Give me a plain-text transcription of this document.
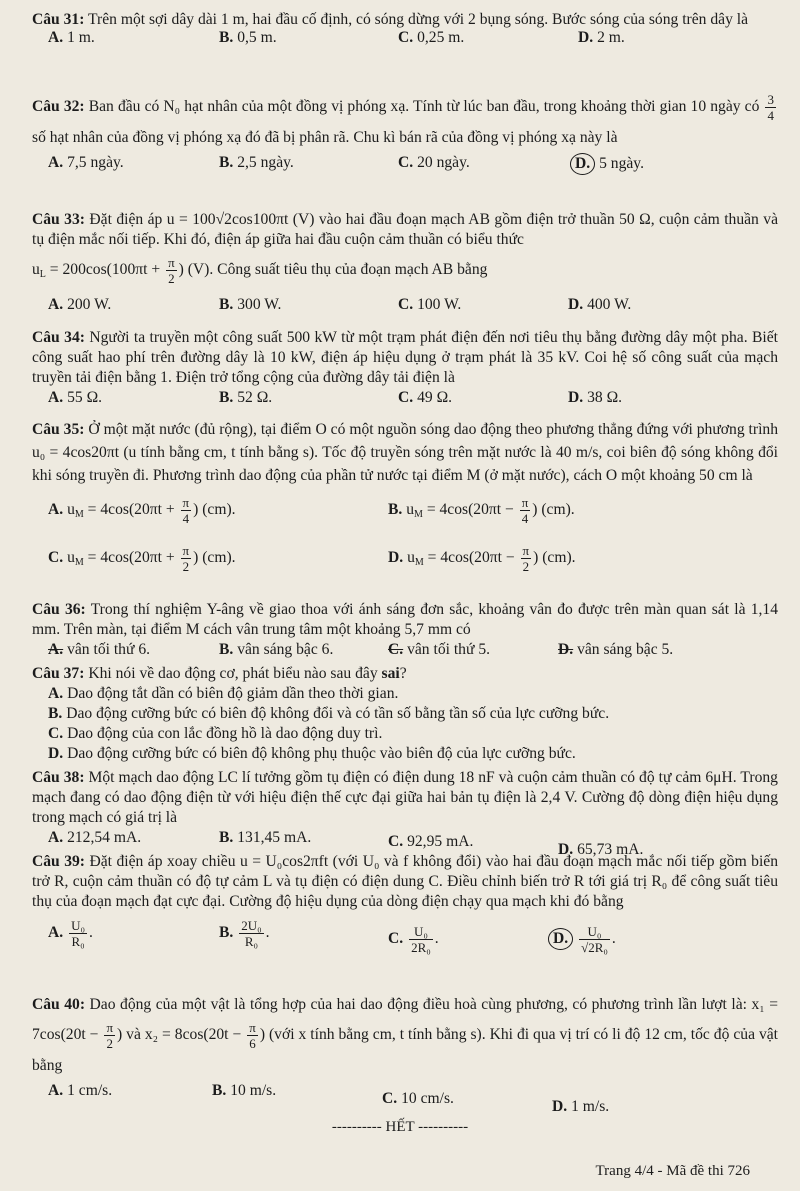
Câu 31: Trên một sợi dây dài 1 m, hai đầu cố định, có sóng dừng với 2 bụng sóng. Bước sóng của sóng trên dây là

A. 1 m.	B. 0,5 m.	C. 0,25 m.	D. 2 m.

Câu 32: Ban đầu có N₀ hạt nhân của một đồng vị phóng xạ. Tính từ lúc ban đầu, trong khoảng thời gian 10 ngày có $\frac{3}{4}$
số hạt nhân của đồng vị phóng xạ đó đã bị phân rã. Chu kì bán rã của đồng vị phóng xạ này là

A. 7,5 ngày.	B. 2,5 ngày.	C. 20 ngày.	D. 5 ngày.

Câu 33: Đặt điện áp u = 100√2cos100πt (V) vào hai đầu đoạn mạch AB gồm điện trở thuần 50 Ω, cuộn cảm thuần và tụ điện mắc nối tiếp. Khi đó, điện áp giữa hai đầu cuộn cảm thuần có biểu thức

$u_L = 200\cos(100\pi t + \frac{\pi}{2}$ ) (V). Công suất tiêu thụ của đoạn mạch AB bằng

A. 200 W.	B. 300 W.	C. 100 W.	D. 400 W.

Câu 34: Người ta truyền một công suất 500 kW từ một trạm phát điện đến nơi tiêu thụ bằng đường dây một pha. Biết công suất hao phí trên đường dây là 10 kW, điện áp hiệu dụng ở trạm phát là 35 kV. Coi hệ số công suất của mạch truyền tải điện bằng 1. Điện trở tổng cộng của đường dây tải điện là

A. 55 Ω.	B. 52 Ω.	C. 49 Ω.	D. 38 Ω.

Câu 35: Ở một mặt nước (đủ rộng), tại điểm O có một nguồn sóng dao động theo phương thẳng đứng với phương trình u₀ = 4cos20πt (u tính bằng cm, t tính bằng s). Tốc độ truyền sóng trên mặt nước là 40 m/s, coi biên độ sóng không đổi khi sóng truyền đi. Phương trình dao động của phần tử nước tại điểm M (ở mặt nước), cách O một khoảng 50 cm là

A. $u_M = 4\cos(20\pi t + \frac{\pi}{4}$ ) (cm).	B. $u_M = 4\cos(20\pi t - \frac{\pi}{4}$ ) (cm).
C. $u_M = 4\cos(20\pi t + \frac{\pi}{2}$ ) (cm).	D. $u_M = 4\cos(20\pi t - \frac{\pi}{2}$ ) (cm).

Câu 36: Trong thí nghiệm Y-âng về giao thoa với ánh sáng đơn sắc, khoảng vân đo được trên màn quan sát là 1,14 mm. Trên màn, tại điểm M cách vân trung tâm một khoảng 5,7 mm có

A. vân tối thứ 6.	B. vân sáng bậc 6.	C. vân tối thứ 5.	D. vân sáng bậc 5.

Câu 37: Khi nói về dao động cơ, phát biểu nào sau đây sai?

A. Dao động tắt dần có biên độ giảm dần theo thời gian.
B. Dao động cưỡng bức có biên độ không đổi và có tần số bằng tần số của lực cưỡng bức.
C. Dao động của con lắc đồng hồ là dao động duy trì.
D. Dao động cưỡng bức có biên độ không phụ thuộc vào biên độ của lực cưỡng bức.

Câu 38: Một mạch dao động LC lí tưởng gồm tụ điện có điện dung 18 nF và cuộn cảm thuần có độ tự cảm 6μH. Trong mạch đang có dao động điện từ với hiệu điện thế cực đại giữa hai bản tụ điện là 2,4 V. Cường độ dòng điện hiệu dụng trong mạch có giá trị là

A. 212,54 mA.	B. 131,45 mA.	C. 92,95 mA.	D. 65,73 mA.

Câu 39: Đặt điện áp xoay chiều u = U₀cos2πft (với U₀ và f không đổi) vào hai đầu đoạn mạch mắc nối tiếp gồm biến trở R, cuộn cảm thuần có độ tự cảm L và tụ điện có điện dung C. Điều chỉnh biến trở R tới giá trị R₀ để công suất tiêu thụ của đoạn mạch đạt cực đại. Cường độ hiệu dụng của dòng điện chạy qua mạch khi đó bằng

A. $\frac{\text{U₀}}{\text{R₀}}$ .	B. $\frac{\text{2U₀}}{\text{R₀}}$ .	C. $\frac{\text{U₀}}{\text{2R₀}}$ .	D. $\frac{\text{U₀}}{\text{√2R₀}}$ .

Câu 40: Dao động của một vật là tổng hợp của hai dao động điều hoà cùng phương, có phương trình lần lượt là: $x_1 = 7\cos(20t - \frac{\pi}{2}$ ) và $x_2 = 8\cos(20t - \frac{\pi}{6}$ ) (với x tính bằng cm, t tính bằng s). Khi đi qua vị trí có li độ 12 cm, tốc độ của vật bằng

A. 1 cm/s.	B. 10 m/s.	C. 10 cm/s.	D. 1 m/s.
---------- HẾT ----------
Trang 4/4 - Mã đề thi 726
